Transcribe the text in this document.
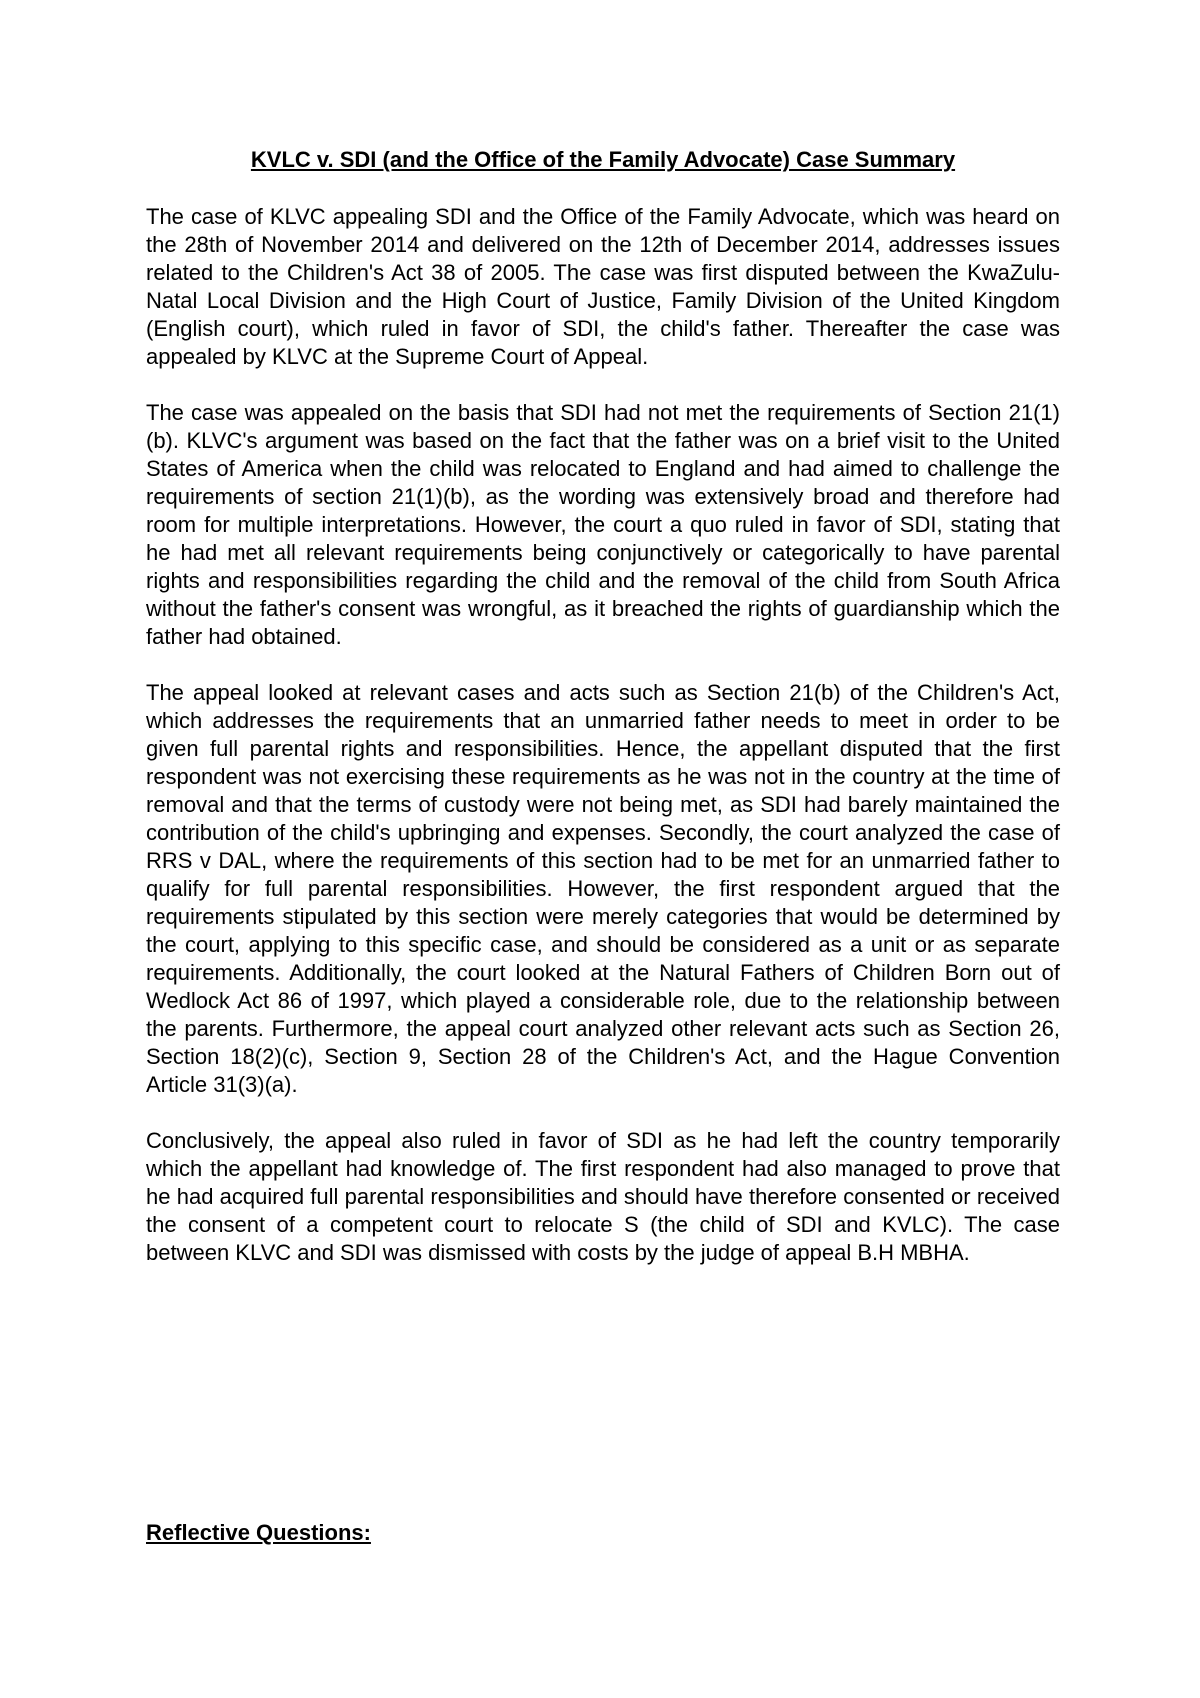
KVLC v. SDI (and the Office of the Family Advocate) Case Summary

The case of KLVC appealing SDI and the Office of the Family Advocate, which was heard on the 28th of November 2014 and delivered on the 12th of December 2014, addresses issues related to the Children's Act 38 of 2005. The case was first disputed between the KwaZulu-Natal Local Division and the High Court of Justice, Family Division of the United Kingdom (English court), which ruled in favor of SDI, the child's father. Thereafter the case was appealed by KLVC at the Supreme Court of Appeal.

The case was appealed on the basis that SDI had not met the requirements of Section 21(1)(b). KLVC's argument was based on the fact that the father was on a brief visit to the United States of America when the child was relocated to England and had aimed to challenge the requirements of section 21(1)(b), as the wording was extensively broad and therefore had room for multiple interpretations. However, the court a quo ruled in favor of SDI, stating that he had met all relevant requirements being conjunctively or categorically to have parental rights and responsibilities regarding the child and the removal of the child from South Africa without the father's consent was wrongful, as it breached the rights of guardianship which the father had obtained.

The appeal looked at relevant cases and acts such as Section 21(b) of the Children's Act, which addresses the requirements that an unmarried father needs to meet in order to be given full parental rights and responsibilities. Hence, the appellant disputed that the first respondent was not exercising these requirements as he was not in the country at the time of removal and that the terms of custody were not being met, as SDI had barely maintained the contribution of the child's upbringing and expenses. Secondly, the court analyzed the case of RRS v DAL, where the requirements of this section had to be met for an unmarried father to qualify for full parental responsibilities. However, the first respondent argued that the requirements stipulated by this section were merely categories that would be determined by the court, applying to this specific case, and should be considered as a unit or as separate requirements. Additionally, the court looked at the Natural Fathers of Children Born out of Wedlock Act 86 of 1997, which played a considerable role, due to the relationship between the parents. Furthermore, the appeal court analyzed other relevant acts such as Section 26, Section 18(2)(c), Section 9, Section 28 of the Children's Act, and the Hague Convention Article 31(3)(a).

Conclusively, the appeal also ruled in favor of SDI as he had left the country temporarily which the appellant had knowledge of. The first respondent had also managed to prove that he had acquired full parental responsibilities and should have therefore consented or received the consent of a competent court to relocate S (the child of SDI and KVLC). The case between KLVC and SDI was dismissed with costs by the judge of appeal B.H MBHA.

Reflective Questions:
